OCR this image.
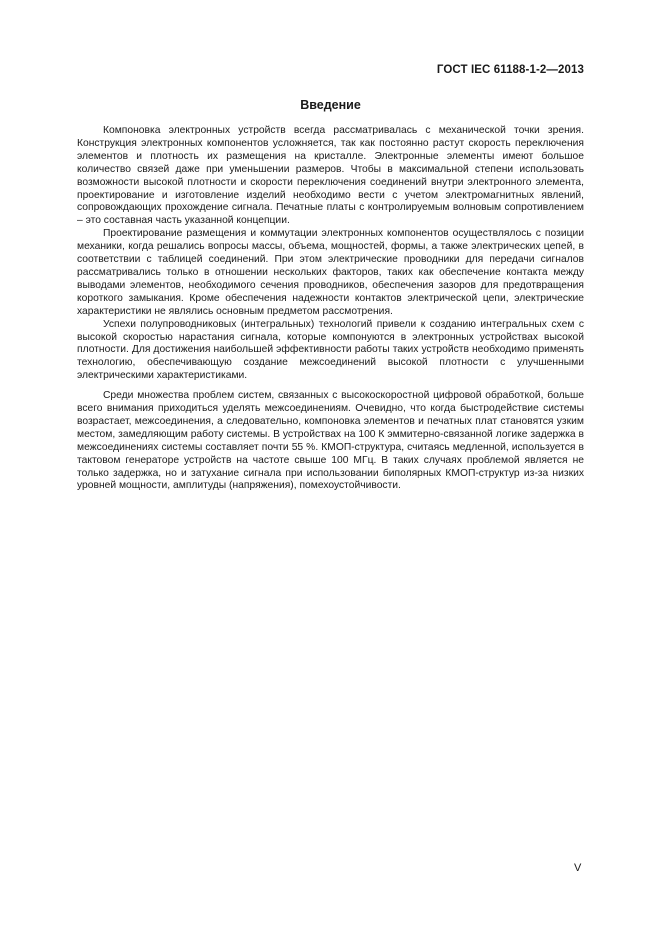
ГОСТ IEC 61188-1-2—2013
Введение

Компоновка электронных устройств всегда рассматривалась с механической точки зрения. Конструкция электронных компонентов усложняется, так как постоянно растут скорость переключения элементов и плотность их размещения на кристалле. Электронные элементы имеют большое количество связей даже при уменьшении размеров. Чтобы в максимальной степени использовать возможности высокой плотности и скорости переключения соединений внутри электронного элемента, проектирование и изготовление изделий необходимо вести с учетом электромагнитных явлений, сопровождающих прохождение сигнала. Печатные платы с контролируемым волновым сопротивлением – это составная часть указанной концепции.

Проектирование размещения и коммутации электронных компонентов осуществлялось с позиции механики, когда решались вопросы массы, объема, мощностей, формы, а также электрических цепей, в соответствии с таблицей соединений. При этом электрические проводники для передачи сигналов рассматривались только в отношении нескольких факторов, таких как обеспечение контакта между выводами элементов, необходимого сечения проводников, обеспечения зазоров для предотвращения короткого замыкания. Кроме обеспечения надежности контактов электрической цепи, электрические характеристики не являлись основным предметом рассмотрения.

Успехи полупроводниковых (интегральных) технологий привели к созданию интегральных схем с высокой скоростью нарастания сигнала, которые компонуются в электронных устройствах высокой плотности. Для достижения наибольшей эффективности работы таких устройств необходимо применять технологию, обеспечивающую создание межсоединений высокой плотности с улучшенными электрическими характеристиками.

Среди множества проблем систем, связанных с высокоскоростной цифровой обработкой, больше всего внимания приходиться уделять межсоединениям. Очевидно, что когда быстродействие системы возрастает, межсоединения, а следовательно, компоновка элементов и печатных плат становятся узким местом, замедляющим работу системы. В устройствах на 100 К эммитерно-связанной логике задержка в межсоединениях системы составляет почти 55 %. КМОП-структура, считаясь медленной, используется в тактовом генераторе устройств на частоте свыше 100 МГц. В таких случаях проблемой является не только задержка, но и затухание сигнала при использовании биполярных КМОП-структур из-за низких уровней мощности, амплитуды (напряжения), помехоустойчивости.

V
